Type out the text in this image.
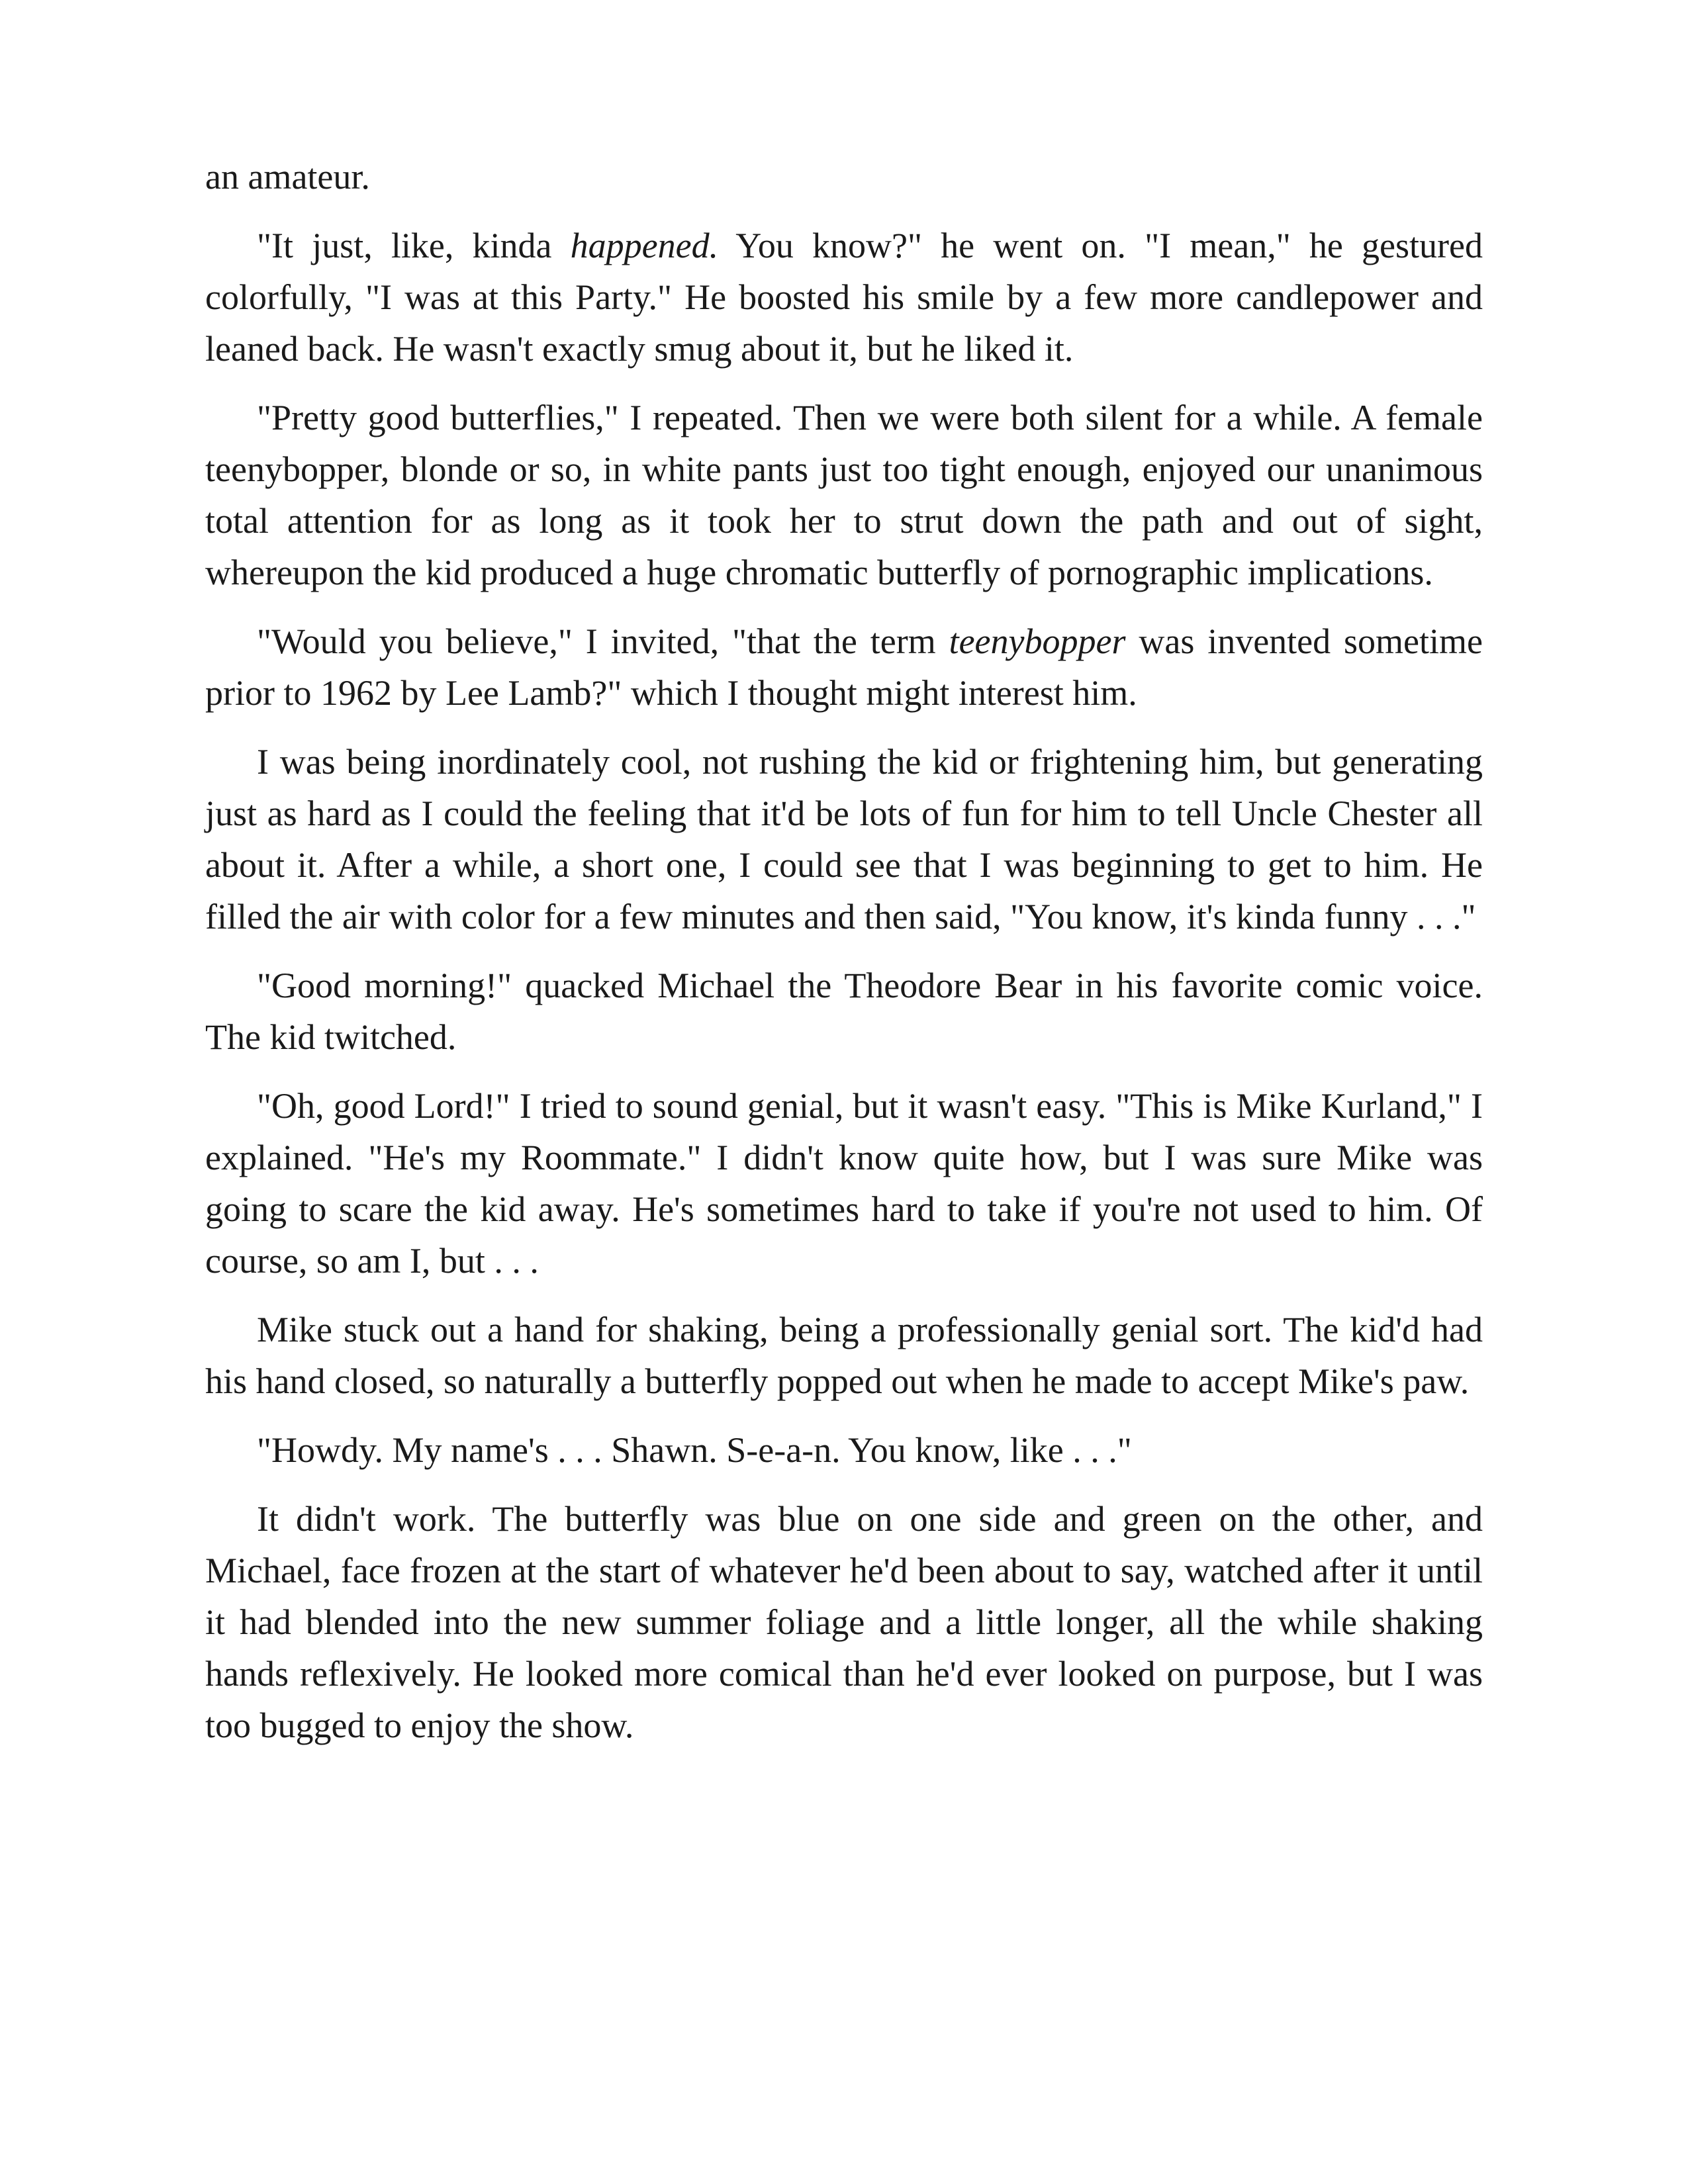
an amateur.

"It just, like, kinda happened. You know?" he went on. "I mean," he gestured colorfully, "I was at this Party." He boosted his smile by a few more candlepower and leaned back. He wasn't exactly smug about it, but he liked it.

"Pretty good butterflies," I repeated. Then we were both silent for a while. A female teenybopper, blonde or so, in white pants just too tight enough, enjoyed our unanimous total attention for as long as it took her to strut down the path and out of sight, whereupon the kid produced a huge chromatic butterfly of pornographic implications.

"Would you believe," I invited, "that the term teenybopper was invented sometime prior to 1962 by Lee Lamb?" which I thought might interest him.

I was being inordinately cool, not rushing the kid or frightening him, but generating just as hard as I could the feeling that it'd be lots of fun for him to tell Uncle Chester all about it. After a while, a short one, I could see that I was beginning to get to him. He filled the air with color for a few minutes and then said, "You know, it's kinda funny . . ."

"Good morning!" quacked Michael the Theodore Bear in his favorite comic voice. The kid twitched.

"Oh, good Lord!" I tried to sound genial, but it wasn't easy. "This is Mike Kurland," I explained. "He's my Roommate." I didn't know quite how, but I was sure Mike was going to scare the kid away. He's sometimes hard to take if you're not used to him. Of course, so am I, but . . .

Mike stuck out a hand for shaking, being a professionally genial sort. The kid'd had his hand closed, so naturally a butterfly popped out when he made to accept Mike's paw.

"Howdy. My name's . . . Shawn. S-e-a-n. You know, like . . ."

It didn't work. The butterfly was blue on one side and green on the other, and Michael, face frozen at the start of whatever he'd been about to say, watched after it until it had blended into the new summer foliage and a little longer, all the while shaking hands reflexively. He looked more comical than he'd ever looked on purpose, but I was too bugged to enjoy the show.
